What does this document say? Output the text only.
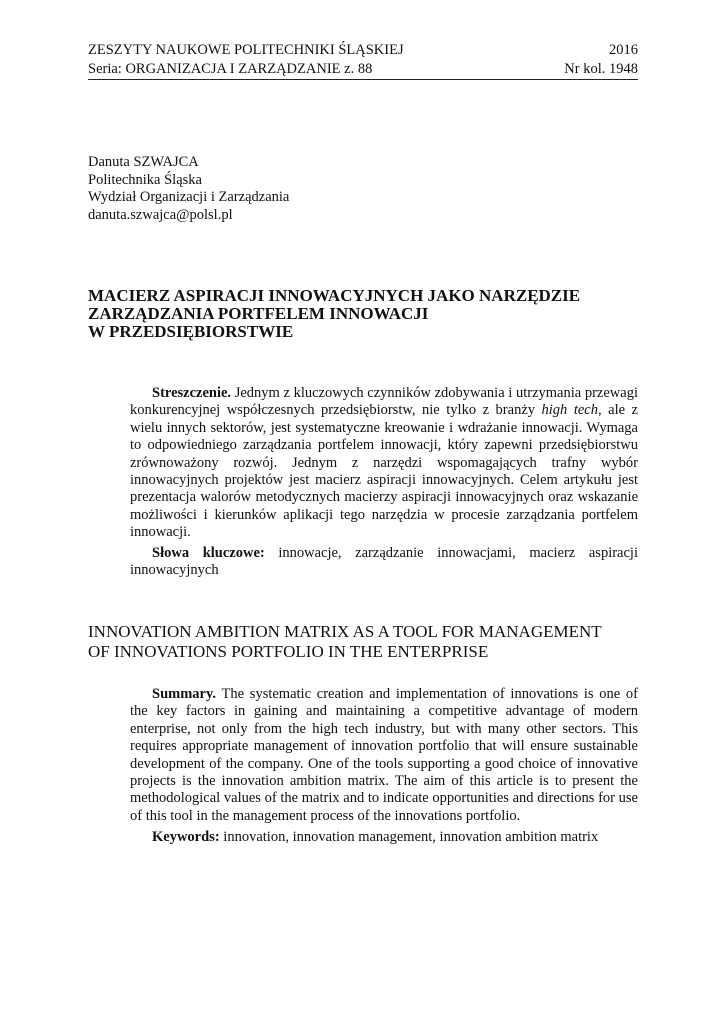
ZESZYTY NAUKOWE POLITECHNIKI ŚLĄSKIEJ	2016
Seria: ORGANIZACJA I ZARZĄDZANIE z. 88	Nr kol. 1948
Danuta SZWAJCA
Politechnika Śląska
Wydział Organizacji i Zarządzania
danuta.szwajca@polsl.pl
MACIERZ ASPIRACJI INNOWACYJNYCH JAKO NARZĘDZIE
ZARZĄDZANIA PORTFELEM INNOWACJI
W PRZEDSIĘBIORSTWIE

Streszczenie. Jednym z kluczowych czynników zdobywania i utrzymania przewagi konkurencyjnej współczesnych przedsiębiorstw, nie tylko z branży high tech, ale z wielu innych sektorów, jest systematyczne kreowanie i wdrażanie innowacji. Wymaga to odpowiedniego zarządzania portfelem innowacji, który zapewni przedsiębiorstwu zrównoważony rozwój. Jednym z narzędzi wspomagających trafny wybór innowacyjnych projektów jest macierz aspiracji innowacyjnych. Celem artykułu jest prezentacja walorów metodycznych macierzy aspiracji innowacyjnych oraz wskazanie możliwości i kierunków aplikacji tego narzędzia w procesie zarządzania portfelem innowacji.

Słowa kluczowe: innowacje, zarządzanie innowacjami, macierz aspiracji innowacyjnych

INNOVATION AMBITION MATRIX AS A TOOL FOR MANAGEMENT
OF INNOVATIONS PORTFOLIO IN THE ENTERPRISE

Summary. The systematic creation and implementation of innovations is one of the key factors in gaining and maintaining a competitive advantage of modern enterprise, not only from the high tech industry, but with many other sectors. This requires appropriate management of innovation portfolio that will ensure sustainable development of the company. One of the tools supporting a good choice of innovative projects is the innovation ambition matrix. The aim of this article is to present the methodological values of the matrix and to indicate opportunities and directions for use of this tool in the management process of the innovations portfolio.

Keywords: innovation, innovation management, innovation ambition matrix
